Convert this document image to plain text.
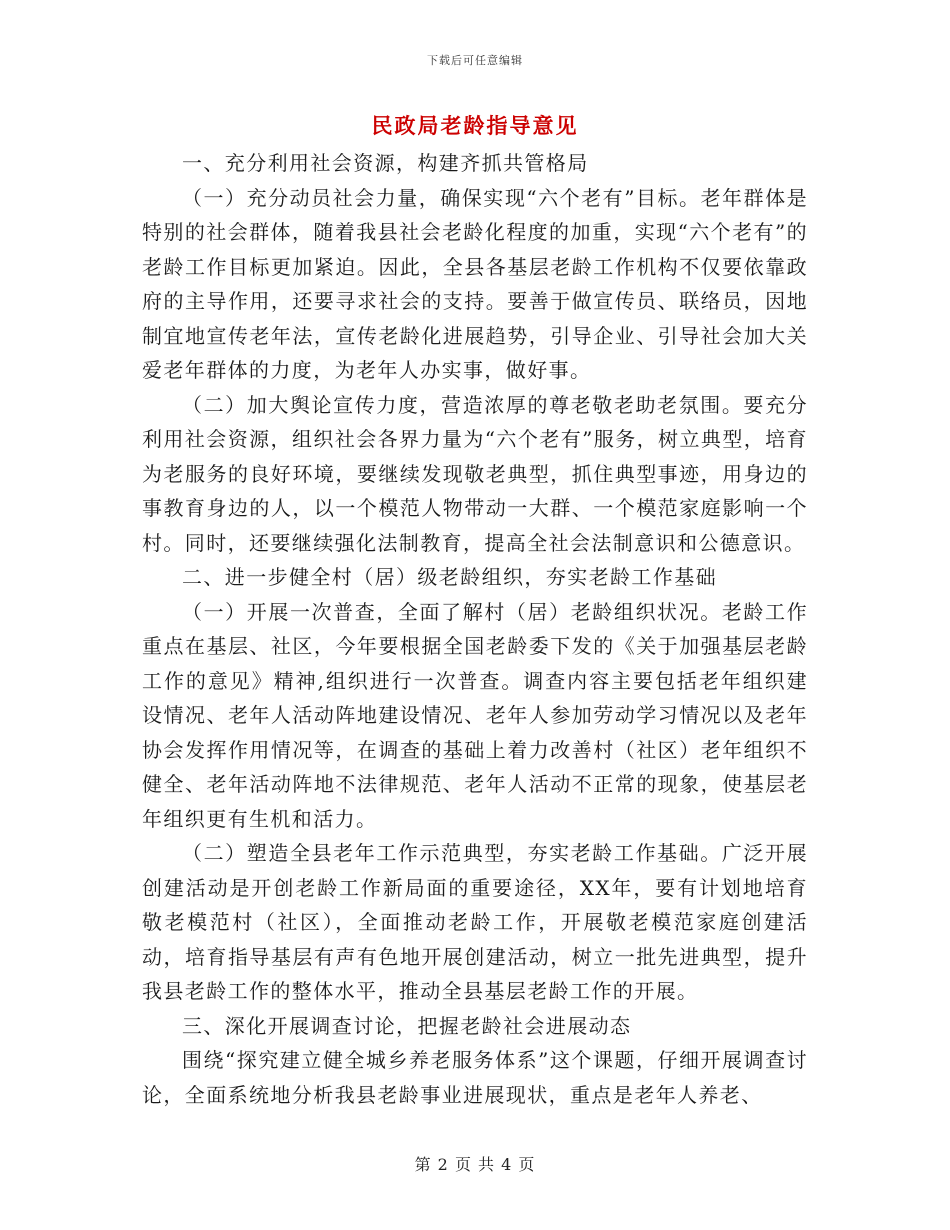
下载后可任意编辑
民政局老龄指导意见

一、充分利用社会资源，构建齐抓共管格局

（一）充分动员社会力量，确保实现“六个老有”目标。老年群体是特别的社会群体，随着我县社会老龄化程度的加重，实现“六个老有”的老龄工作目标更加紧迫。因此，全县各基层老龄工作机构不仅要依靠政府的主导作用，还要寻求社会的支持。要善于做宣传员、联络员，因地制宜地宣传老年法，宣传老龄化进展趋势，引导企业、引导社会加大关爱老年群体的力度，为老年人办实事，做好事。

（二）加大舆论宣传力度，营造浓厚的尊老敬老助老氛围。要充分利用社会资源，组织社会各界力量为“六个老有”服务，树立典型，培育为老服务的良好环境，要继续发现敬老典型，抓住典型事迹，用身边的事教育身边的人，以一个模范人物带动一大群、一个模范家庭影响一个村。同时，还要继续强化法制教育，提高全社会法制意识和公德意识。

二、进一步健全村（居）级老龄组织，夯实老龄工作基础

（一）开展一次普查，全面了解村（居）老龄组织状况。老龄工作重点在基层、社区，今年要根据全国老龄委下发的《关于加强基层老龄工作的意见》精神,组织进行一次普查。调查内容主要包括老年组织建设情况、老年人活动阵地建设情况、老年人参加劳动学习情况以及老年协会发挥作用情况等，在调查的基础上着力改善村（社区）老年组织不健全、老年活动阵地不法律规范、老年人活动不正常的现象，使基层老年组织更有生机和活力。

（二）塑造全县老年工作示范典型，夯实老龄工作基础。广泛开展创建活动是开创老龄工作新局面的重要途径，XX年，要有计划地培育敬老模范村（社区），全面推动老龄工作，开展敬老模范家庭创建活动，培育指导基层有声有色地开展创建活动，树立一批先进典型，提升我县老龄工作的整体水平，推动全县基层老龄工作的开展。

三、深化开展调查讨论，把握老龄社会进展动态

围绕“探究建立健全城乡养老服务体系”这个课题，仔细开展调查讨论，全面系统地分析我县老龄事业进展现状，重点是老年人养老、

第 2 页 共 4 页
